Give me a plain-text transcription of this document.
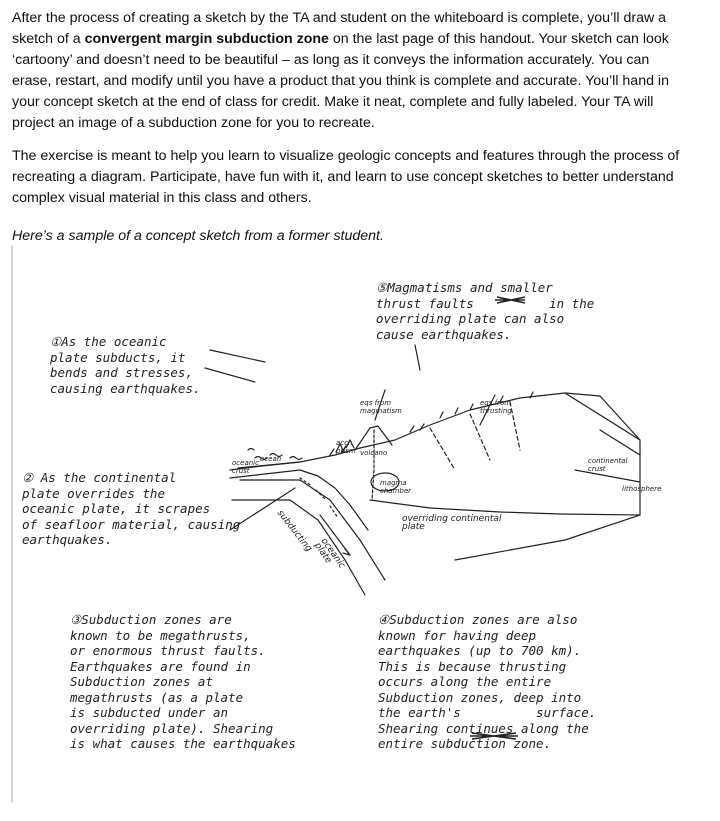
After the process of creating a sketch by the TA and student on the whiteboard is complete, you’ll draw a sketch of a convergent margin subduction zone on the last page of this handout. Your sketch can look ‘cartoony’ and doesn’t need to be beautiful – as long as it conveys the information accurately. You can erase, restart, and modify until you have a product that you think is complete and accurate. You’ll hand in your concept sketch at the end of class for credit. Make it neat, complete and fully labeled. Your TA will project an image of a subduction zone for you to recreate.

The exercise is meant to help you learn to visualize geologic concepts and features through the process of recreating a diagram. Participate, have fun with it, and learn to use concept sketches to better understand complex visual material in this class and others.

Here’s a sample of a concept sketch from a former student.
①As the oceanic
plate subducts, it
bends and stresses,
causing earthquakes.
② As the continental
plate overrides the
oceanic plate, it scrapes
of seafloor material, causing
earthquakes.
③Subduction zones are
known to be megathrusts,
or enormous thrust faults.
Earthquakes are found in
Subduction zones at
megathrusts (as a plate
is subducted under an
overriding plate). Shearing
is what causes the earthquakes
④Subduction zones are also
known for having deep
earthquakes (up to 700 km).
This is because thrusting
occurs along the entire
Subduction zones, deep into
the earth's          surface.
Shearing continues along the
entire subduction zone.
⑤Magmatisms and smaller
thrust faults          in the
overriding plate can also
cause earthquakes.
eqs from
magmatism
eqs from
thrusting
accr.
prism volcano
magma
chamber
ocean
oceanic
crust
subducting oceanic
plate
overriding continental
plate
continental
crust
lithosphere
